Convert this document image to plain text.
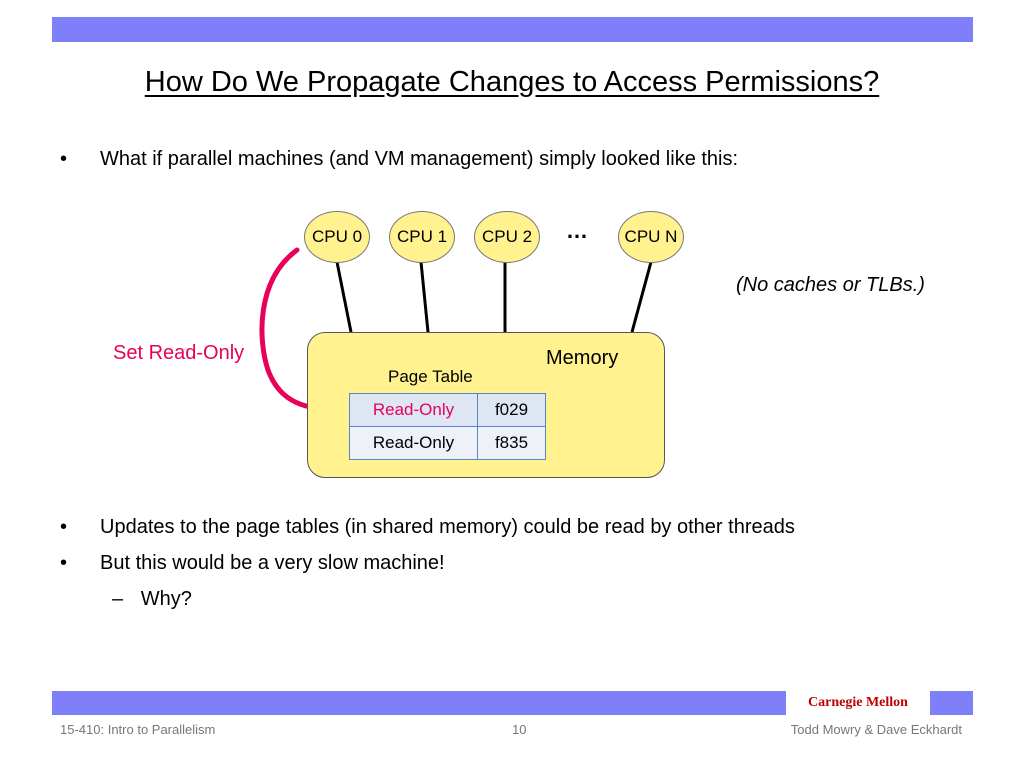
How Do We Propagate Changes to Access Permissions?
• What if parallel machines (and VM management) simply looked like this:
CPU 0	CPU 1	CPU 2	…	CPU N
(No caches or TLBs.)
Memory
Page Table
Read-Only	f029
Read-Only	f835
Set Read-Only
• Updates to the page tables (in shared memory) could be read by other threads
• But this would be a very slow machine!
– Why?
Carnegie Mellon
15-410: Intro to Parallelism	10	Todd Mowry & Dave Eckhardt
